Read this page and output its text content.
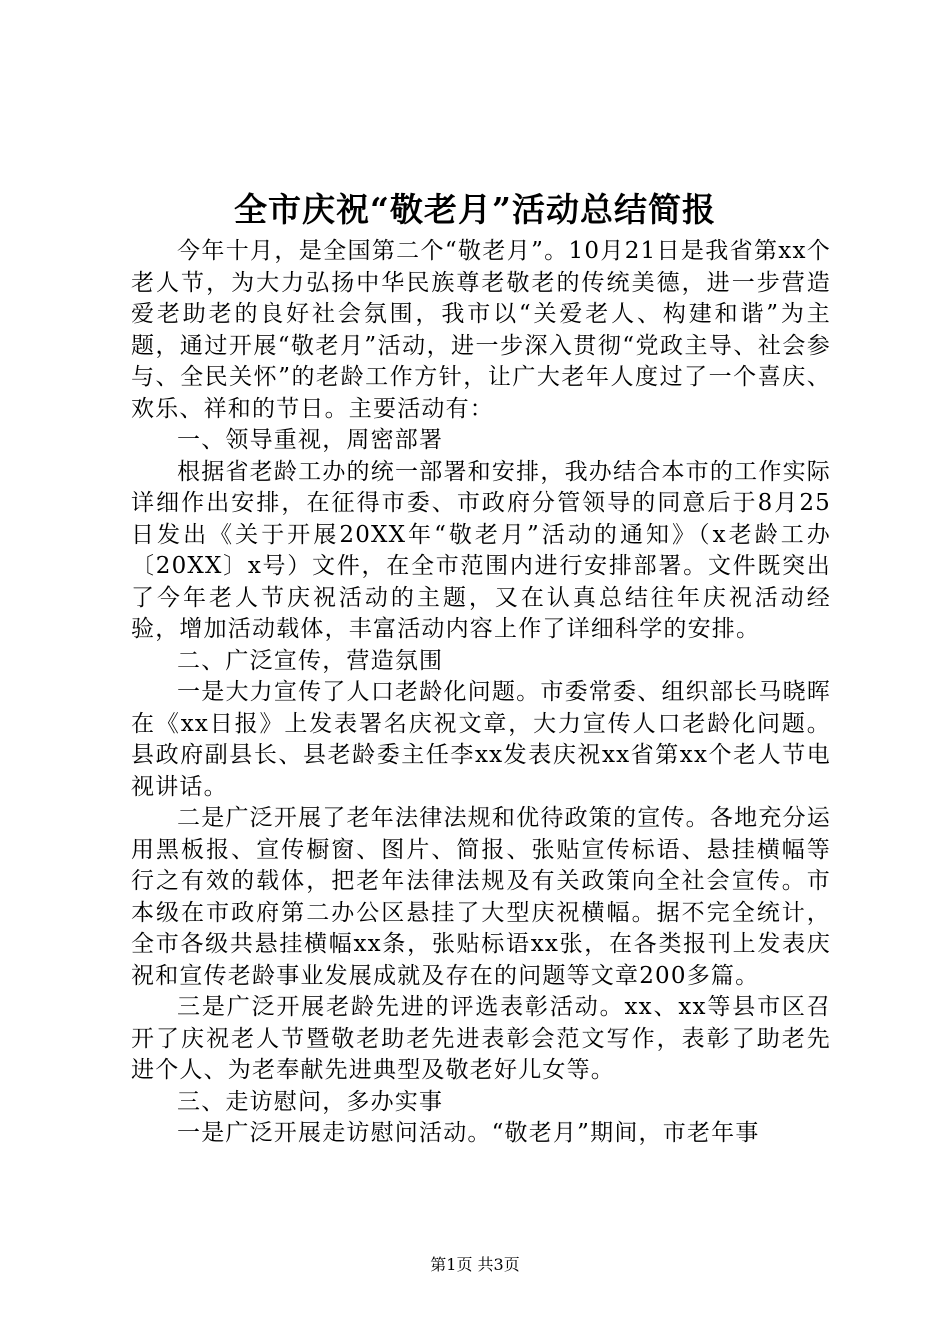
全市庆祝“敬老月”活动总结简报

今年十月，是全国第二个“敬老月”。10月21日是我省第xx个老人节，为大力弘扬中华民族尊老敬老的传统美德，进一步营造爱老助老的良好社会氛围，我市以“关爱老人、构建和谐”为主题，通过开展“敬老月”活动，进一步深入贯彻“党政主导、社会参与、全民关怀”的老龄工作方针，让广大老年人度过了一个喜庆、欢乐、祥和的节日。主要活动有：

一、领导重视，周密部署

根据省老龄工办的统一部署和安排，我办结合本市的工作实际详细作出安排，在征得市委、市政府分管领导的同意后于8月25日发出《关于开展20XX年“敬老月”活动的通知》（x老龄工办〔20XX〕x号）文件，在全市范围内进行安排部署。文件既突出了今年老人节庆祝活动的主题，又在认真总结往年庆祝活动经验，增加活动载体，丰富活动内容上作了详细科学的安排。

二、广泛宣传，营造氛围

一是大力宣传了人口老龄化问题。市委常委、组织部长马晓晖在《xx日报》上发表署名庆祝文章，大力宣传人口老龄化问题。县政府副县长、县老龄委主任李xx发表庆祝xx省第xx个老人节电视讲话。

二是广泛开展了老年法律法规和优待政策的宣传。各地充分运用黑板报、宣传橱窗、图片、简报、张贴宣传标语、悬挂横幅等行之有效的载体，把老年法律法规及有关政策向全社会宣传。市本级在市政府第二办公区悬挂了大型庆祝横幅。据不完全统计，全市各级共悬挂横幅xx条，张贴标语xx张，在各类报刊上发表庆祝和宣传老龄事业发展成就及存在的问题等文章200多篇。

三是广泛开展老龄先进的评选表彰活动。xx、xx等县市区召开了庆祝老人节暨敬老助老先进表彰会范文写作，表彰了助老先进个人、为老奉献先进典型及敬老好儿女等。

三、走访慰问，多办实事

一是广泛开展走访慰问活动。“敬老月”期间，市老年事

第1页 共3页
